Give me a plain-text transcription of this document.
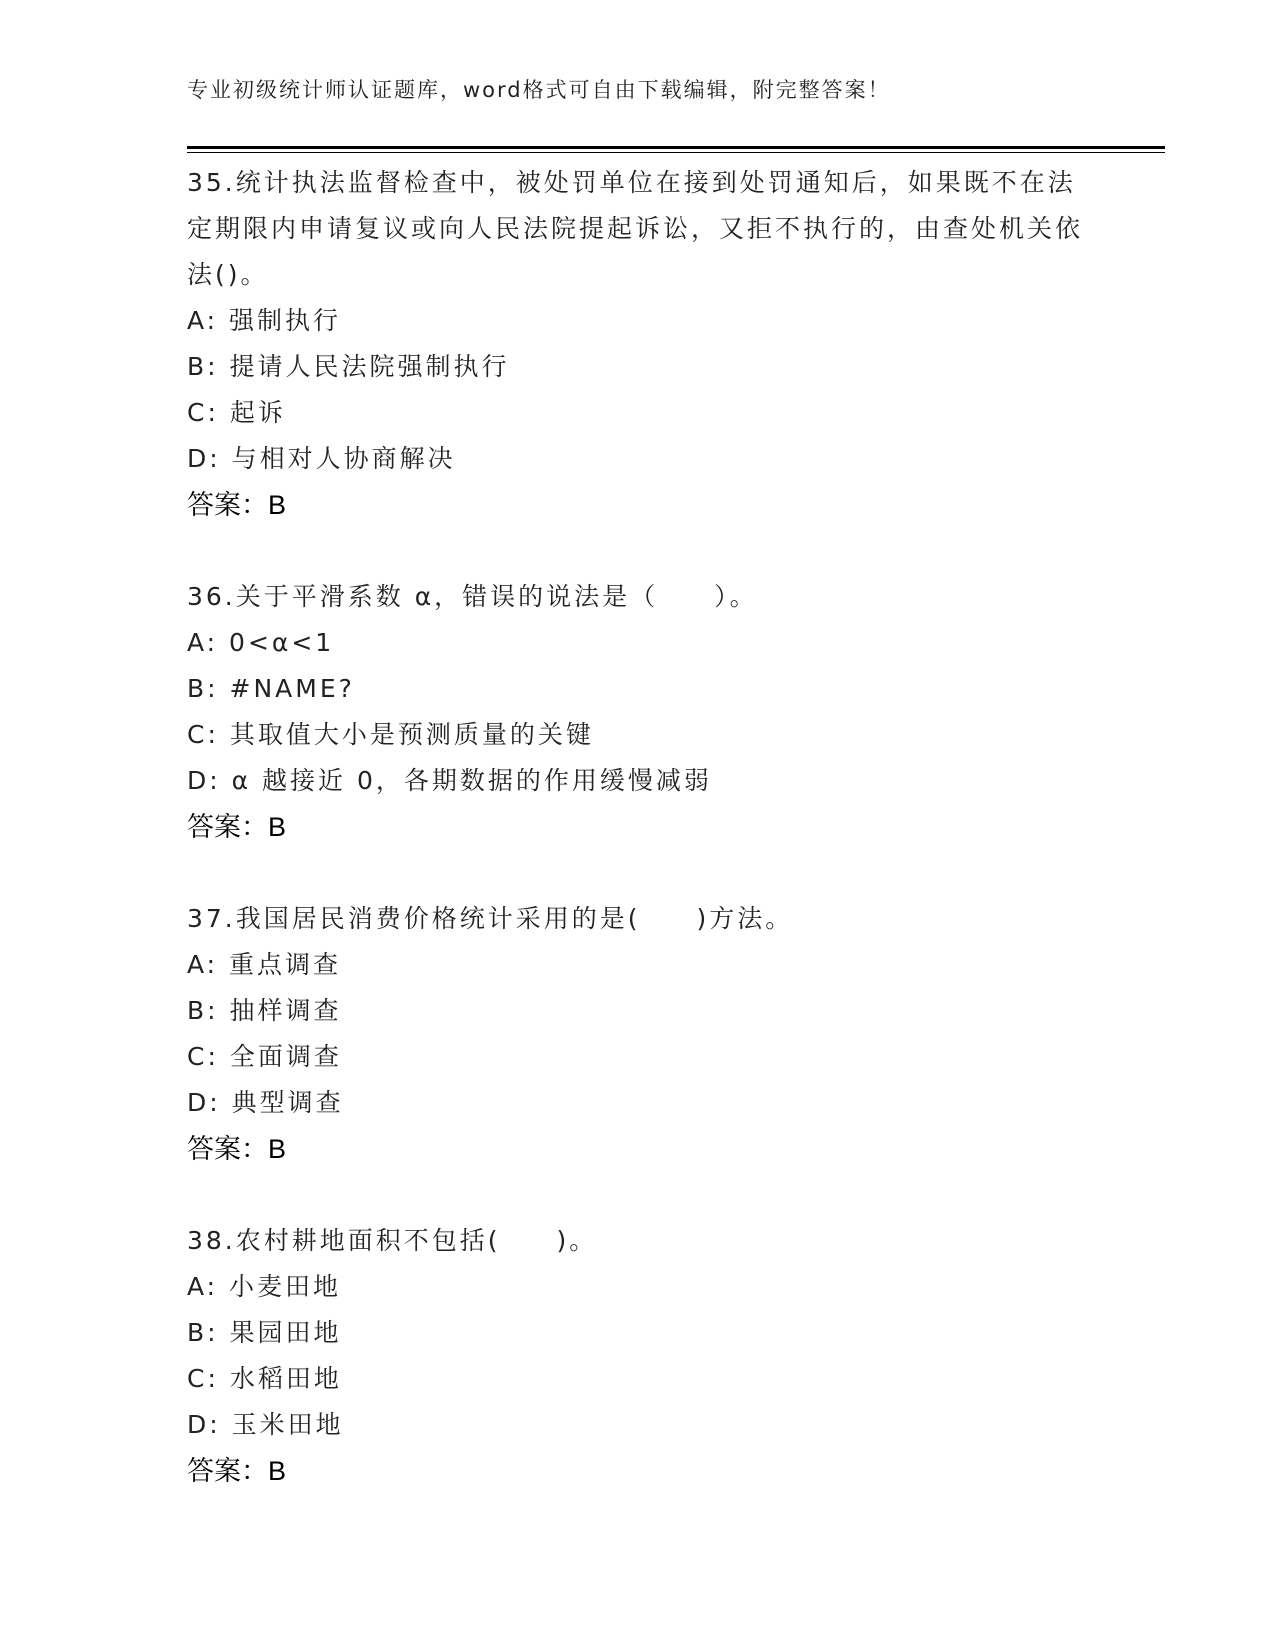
专业初级统计师认证题库，word格式可自由下载编辑，附完整答案！
35.统计执法监督检查中，被处罚单位在接到处罚通知后，如果既不在法定期限内申请复议或向人民法院提起诉讼，又拒不执行的，由查处机关依法()。
A: 强制执行
B: 提请人民法院强制执行
C: 起诉
D: 与相对人协商解决
答案：B
36.关于平滑系数 α，错误的说法是（　　）。
A: 0<α<1
B: #NAME?
C: 其取值大小是预测质量的关键
D: α 越接近 0，各期数据的作用缓慢减弱
答案：B
37.我国居民消费价格统计采用的是(　　)方法。
A: 重点调查
B: 抽样调查
C: 全面调查
D: 典型调查
答案：B
38.农村耕地面积不包括(　　)。
A: 小麦田地
B: 果园田地
C: 水稻田地
D: 玉米田地
答案：B
